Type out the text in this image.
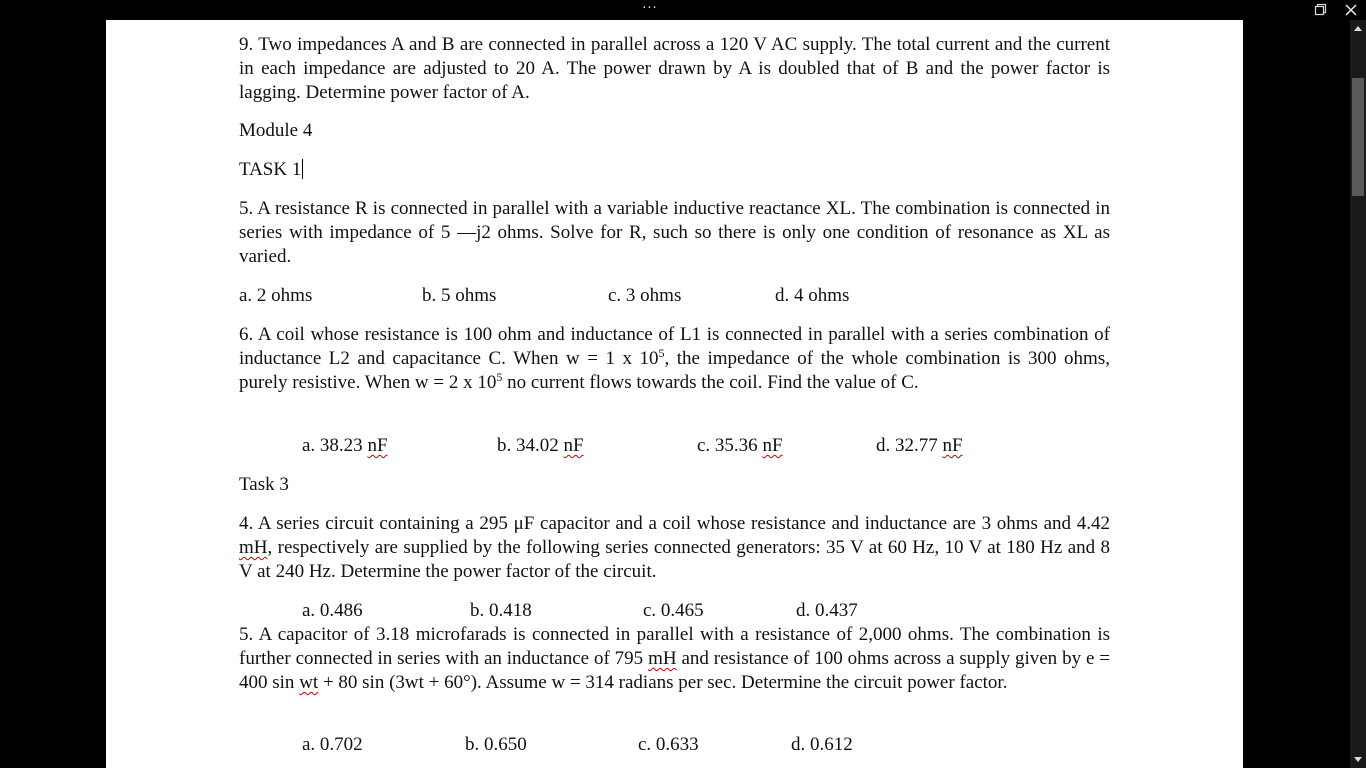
···

9. Two impedances A and B are connected in parallel across a 120 V AC supply. The total current and the current in each impedance are adjusted to 20 A. The power drawn by A is doubled that of B and the power factor is lagging. Determine power factor of A.

Module 4

TASK 1

5. A resistance R is connected in parallel with a variable inductive reactance XL. The combination is connected in series with impedance of 5 —j2 ohms. Solve for R, such so there is only one condition of resonance as XL as varied.

a. 2 ohms	b. 5 ohms	c. 3 ohms	d. 4 ohms

6. A coil whose resistance is 100 ohm and inductance of L1 is connected in parallel with a series combination of inductance L2 and capacitance C. When w = 1 x $10^5$, the impedance of the whole combination is 300 ohms, purely resistive. When w = 2 x $10^5$ no current flows towards the coil. Find the value of C.

a. 38.23 nF	b. 34.02 nF	c. 35.36 nF	d. 32.77 nF

Task 3

4. A series circuit containing a 295 μF capacitor and a coil whose resistance and inductance are 3 ohms and 4.42 mH, respectively are supplied by the following series connected generators: 35 V at 60 Hz, 10 V at 180 Hz and 8 V at 240 Hz. Determine the power factor of the circuit.

a. 0.486	b. 0.418	c. 0.465	d. 0.437

5. A capacitor of 3.18 microfarads is connected in parallel with a resistance of 2,000 ohms. The combination is further connected in series with an inductance of 795 mH and resistance of 100 ohms across a supply given by e = 400 sin wt + 80 sin (3wt + 60°). Assume w = 314 radians per sec. Determine the circuit power factor.

a. 0.702	b. 0.650	c. 0.633	d. 0.612
